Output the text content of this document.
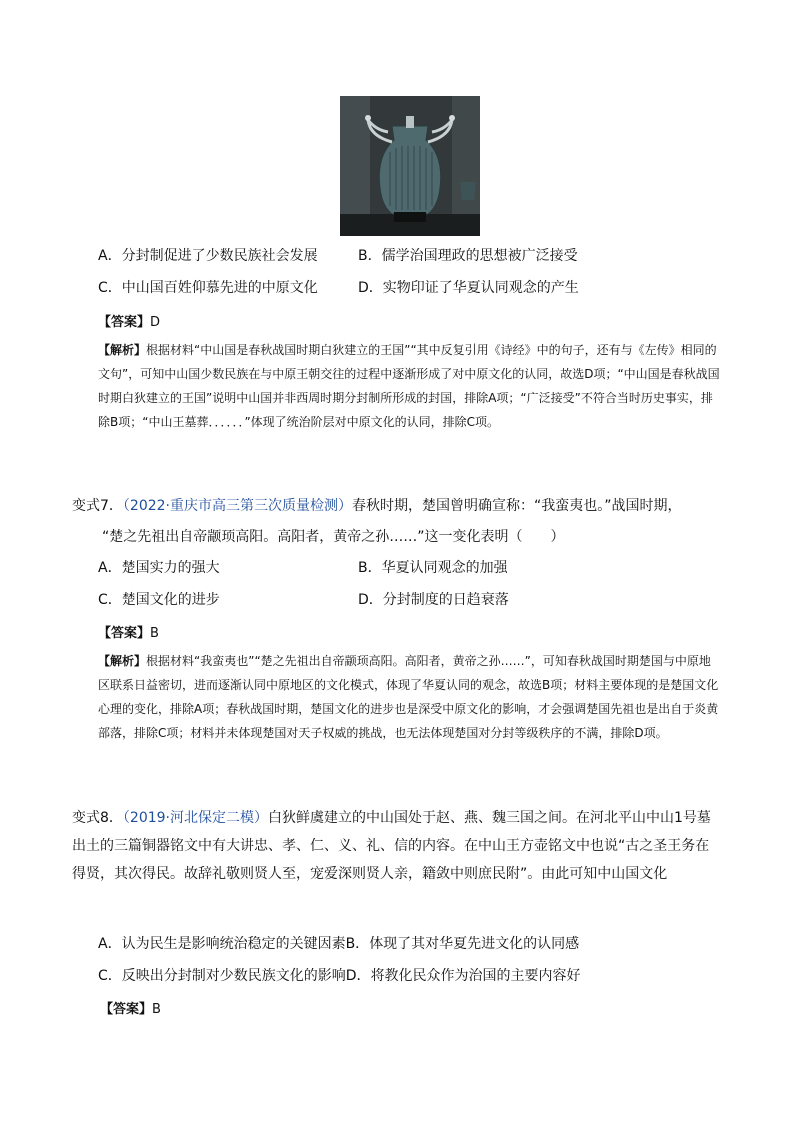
A．分封制促进了少数民族社会发展	B．儒学治国理政的思想被广泛接受
C．中山国百姓仰慕先进的中原文化	D．实物印证了华夏认同观念的产生
【答案】D
【解析】根据材料“中山国是春秋战国时期白狄建立的王国”“其中反复引用《诗经》中的句子，还有与《左传》相同的文句”，可知中山国少数民族在与中原王朝交往的过程中逐渐形成了对中原文化的认同，故选D项；“中山国是春秋战国时期白狄建立的王国”说明中山国并非西周时期分封制所形成的封国，排除A项；“广泛接受”不符合当时历史事实，排除B项；“中山王墓葬．．．．．．”体现了统治阶层对中原文化的认同，排除C项。
变式7．（2022·重庆市高三第三次质量检测）春秋时期，楚国曾明确宣称：“我蛮夷也。”战国时期，
“楚之先祖出自帝颛顼高阳。高阳者，黄帝之孙……”这一变化表明（　　）
A．楚国实力的强大	B．华夏认同观念的加强
C．楚国文化的进步	D．分封制度的日趋衰落
【答案】B
【解析】根据材料“我蛮夷也”“楚之先祖出自帝颛顼高阳。高阳者，黄帝之孙……”，可知春秋战国时期楚国与中原地区联系日益密切，进而逐渐认同中原地区的文化模式，体现了华夏认同的观念，故选B项；材料主要体现的是楚国文化心理的变化，排除A项；春秋战国时期，楚国文化的进步也是深受中原文化的影响，才会强调楚国先祖也是出自于炎黄部落，排除C项；材料并未体现楚国对天子权威的挑战，也无法体现楚国对分封等级秩序的不满，排除D项。
变式8．（2019·河北保定二模）白狄鲜虞建立的中山国处于赵、燕、魏三国之间。在河北平山中山1号墓出土的三篇铜器铭文中有大讲忠、孝、仁、义、礼、信的内容。在中山王方壶铭文中也说“古之圣王务在得贤，其次得民。故辞礼敬则贤人至，宠爱深则贤人亲，籍敛中则庶民附”。由此可知中山国文化
A．认为民生是影响统治稳定的关键因素B．体现了其对华夏先进文化的认同感
C．反映出分封制对少数民族文化的影响D．将教化民众作为治国的主要内容好
【答案】B
